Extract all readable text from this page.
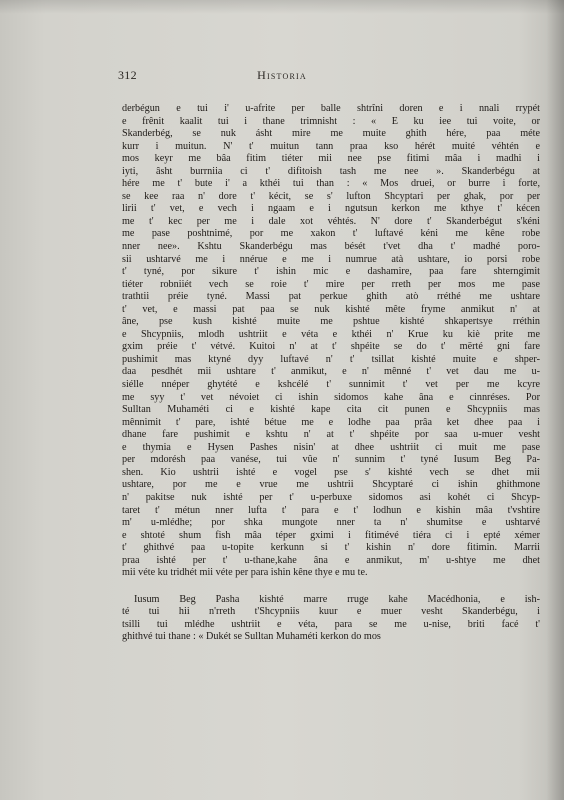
312	Historia
derbégun e tui i' u-afrite per balle shtrîni doren e i nnali rrypét
e frênit kaalit tui i thane trimnisht : « E ku iee tui voite, or
Skanderbég, se nuk ásht mire me muite ghith hére, paa méte
kurr i muitun. N' t' muitun tann praa kso hérét muité véhtén e
mos keyr me bâa fitim tiéter mii nee pse fitimi mâa i madhi i
iyti, âsht burrniia ci t' difitoish tash me nee ». Skanderbégu at
hére me t' bute i' a kthéi tui than : « Mos druei, or burre i forte,
se kee raa n' dore t' kécit, se s' lufton Shcyptari per ghak, por per
lirii t' vet, e vech i ngaam e i ngutsun kerkon me kthye t' kécen
me t' kec per me i dale xot véhtés. N' dore t' Skanderbégut s'kéni
me pase poshtnimé, por me xakon t' luftavé kéni me kêne robe
nner nee». Kshtu Skanderbégu mas bését t'vet dha t' madhé poro-
sii ushtarvé me i nnérue e me i numrue atà ushtare, io porsi robe
t' tyné, por sikure t' ishin mic e dashamire, paa fare shterngimit
tiéter robniiét vech se roie t' mire per rreth per mos me pase
trathtii préie tyné. Massi pat perkue ghith atò rréthé me ushtare
t' vet, e massi pat paa se nuk kishté mête fryme anmikut n' at
âne, pse kush kishté muite me pshtue kishté shkapertsye rréthin
e Shcypniis, mlodh ushtriit e véta e kthéi n' Krue ku kiè prite me
gxim préie t' vétvé. Kuitoi n' at t' shpéite se do t' mërté gni fare
pushimit mas ktyné dyy luftavé n' t' tsillat kishté muite e shper-
daa pesdhét mii ushtare t' anmikut, e n' mênné t' vet dau me u-
siélle nnéper ghytété e kshcélé t' sunnimit t' vet per me kcyre
me syy t' vet névoiet ci ishin sidomos kahe âna e cinnréses. Por
Sulltan Muhaméti ci e kishté kape cita cit punen e Shcypniis mas
mênnimit t' pare, ishté bétue me e lodhe paa prâa ket dhee paa i
dhane fare pushimit e kshtu n' at t' shpéite por saa u-muer vesht
e thymia e Hysen Pashes nisin' at dhee ushtriit ci muit me pase
per mdorésh paa vanése, tui vûe n' sunnim t' tyné Iusum Beg Pa-
shen. Kio ushtrii ishté e vogel pse s' kishté vech se dhet mii
ushtare, por me e vrue me ushtrii Shcyptaré ci ishin ghithmone
n' pakitse nuk ishté per t' u-perbuxe sidomos asi kohét ci Shcyp-
taret t' métun nner lufta t' para e t' lodhun e kishin mâa t'vshtire
m' u-mlédhe; por shka mungote nner ta n' shumitse e ushtarvé
e shtoté shum fish mâa téper gximi i fitimévé tiéra ci i epté xémer
t' ghithvé paa u-topite kerkunn si t' kishin n' dore fitimin. Marrii
praa ishté per t' u-thane,kahe âna e anmikut, m' u-shtye me dhet
mii véte ku tridhét mii véte per para ishin kêne thye e mu te.
Iusum Beg Pasha kishté marre rruge kahe Macédhonia, e ish-
té tui hii n'rreth t'Shcypniis kuur e muer vesht Skanderbégu, i
tsilli tui mlédhe ushtriit e véta, para se me u-nise, briti facé t'
ghithvé tui thane : « Dukét se Sulltan Muhaméti kerkon do mos
